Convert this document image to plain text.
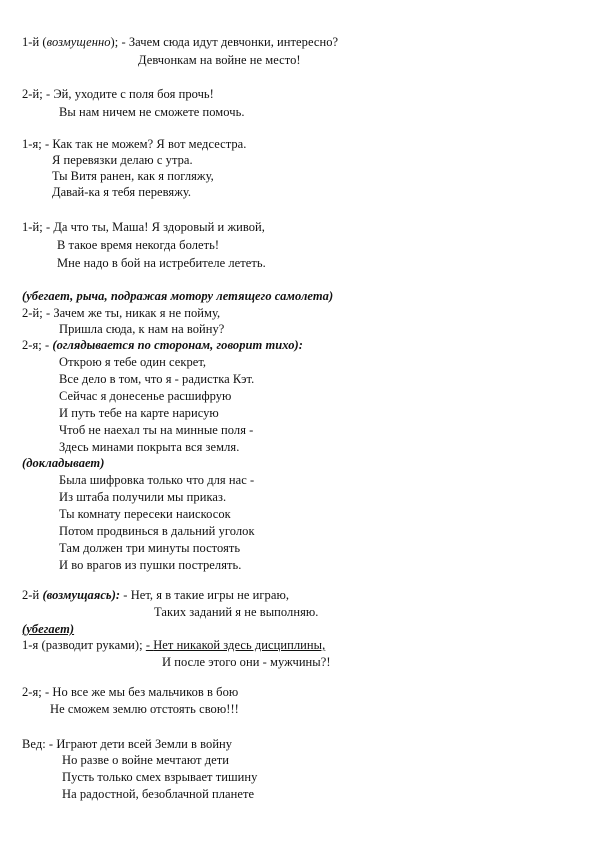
1-й (возмущенно); - Зачем сюда идут девчонки, интересно?
Девчонкам на войне не место!
2-й; - Эй, уходите с поля боя прочь!
Вы нам ничем не сможете помочь.
1-я; - Как так не можем? Я вот медсестра.
Я перевязки делаю с утра.
Ты Витя ранен, как я погляжу,
Давай-ка я тебя перевяжу.
1-й; - Да что ты, Маша! Я здоровый и живой,
В такое время некогда болеть!
Мне надо в бой на истребителе лететь.
(убегает, рыча, подражая мотору летящего самолета)
2-й; - Зачем же ты, никак я не пойму,
Пришла сюда, к нам на войну?
2-я; - (оглядывается по сторонам, говорит тихо):
Открою я тебе один секрет,
Все дело в том, что я - радистка Кэт.
Сейчас я донесенье расшифрую
И путь тебе на карте нарисую
Чтоб не наехал ты на минные поля -
Здесь минами покрыта вся земля.
(докладывает)
Была шифровка только что для нас -
Из штаба получили мы приказ.
Ты комнату пересеки наискосок
Потом продвинься в дальний уголок
Там должен три минуты постоять
И во врагов из пушки пострелять.
2-й (возмущаясь): - Нет, я в такие игры не играю,
Таких заданий я не выполняю.
(убегает)
1-я (разводит руками); - Нет никакой здесь дисциплины,
И после этого они - мужчины?!
2-я; - Но все же мы без мальчиков в бою
Не сможем землю отстоять свою!!!
Вед: - Играют дети всей Земли в войну
Но разве о войне мечтают дети
Пусть только смех взрывает тишину
На радостной, безоблачной планете
